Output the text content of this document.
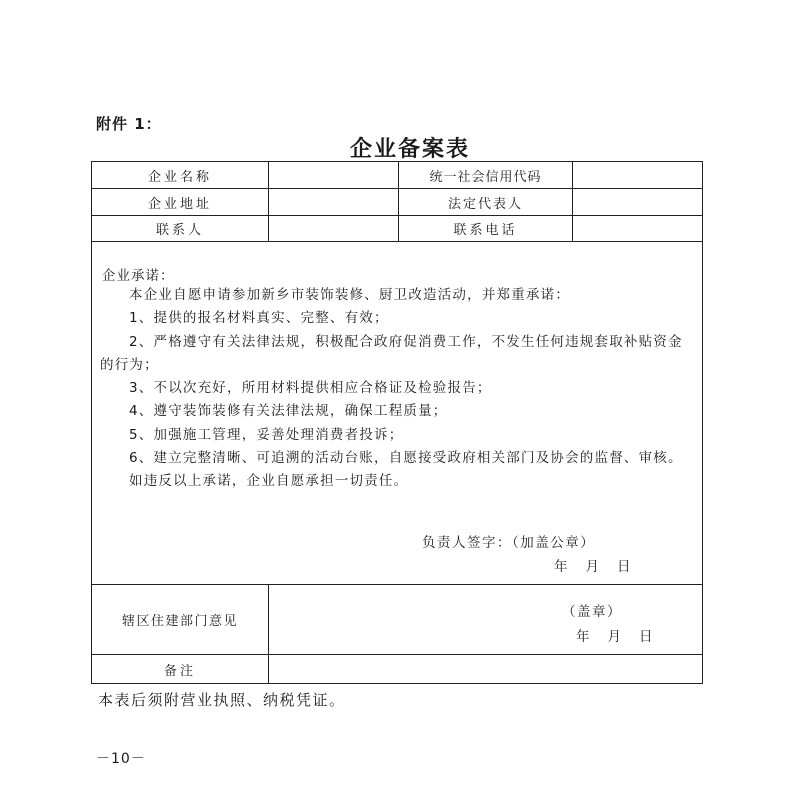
附件 1：
企业备案表
企业名称	统一社会信用代码
企业地址	法定代表人
联系人	联系电话
企业承诺：

本企业自愿申请参加新乡市装饰装修、厨卫改造活动，并郑重承诺：

1、提供的报名材料真实、完整、有效；

2、严格遵守有关法律法规，积极配合政府促消费工作，不发生任何违规套取补贴资金的行为；

3、不以次充好，所用材料提供相应合格证及检验报告；

4、遵守装饰装修有关法律法规，确保工程质量；

5、加强施工管理，妥善处理消费者投诉；

6、建立完整清晰、可追溯的活动台账，自愿接受政府相关部门及协会的监督、审核。

如违反以上承诺，企业自愿承担一切责任。

负责人签字：（加盖公章）
年月日
辖区住建部门意见
（盖章）
年月日
备注
本表后须附营业执照、纳税凭证。
－10－
